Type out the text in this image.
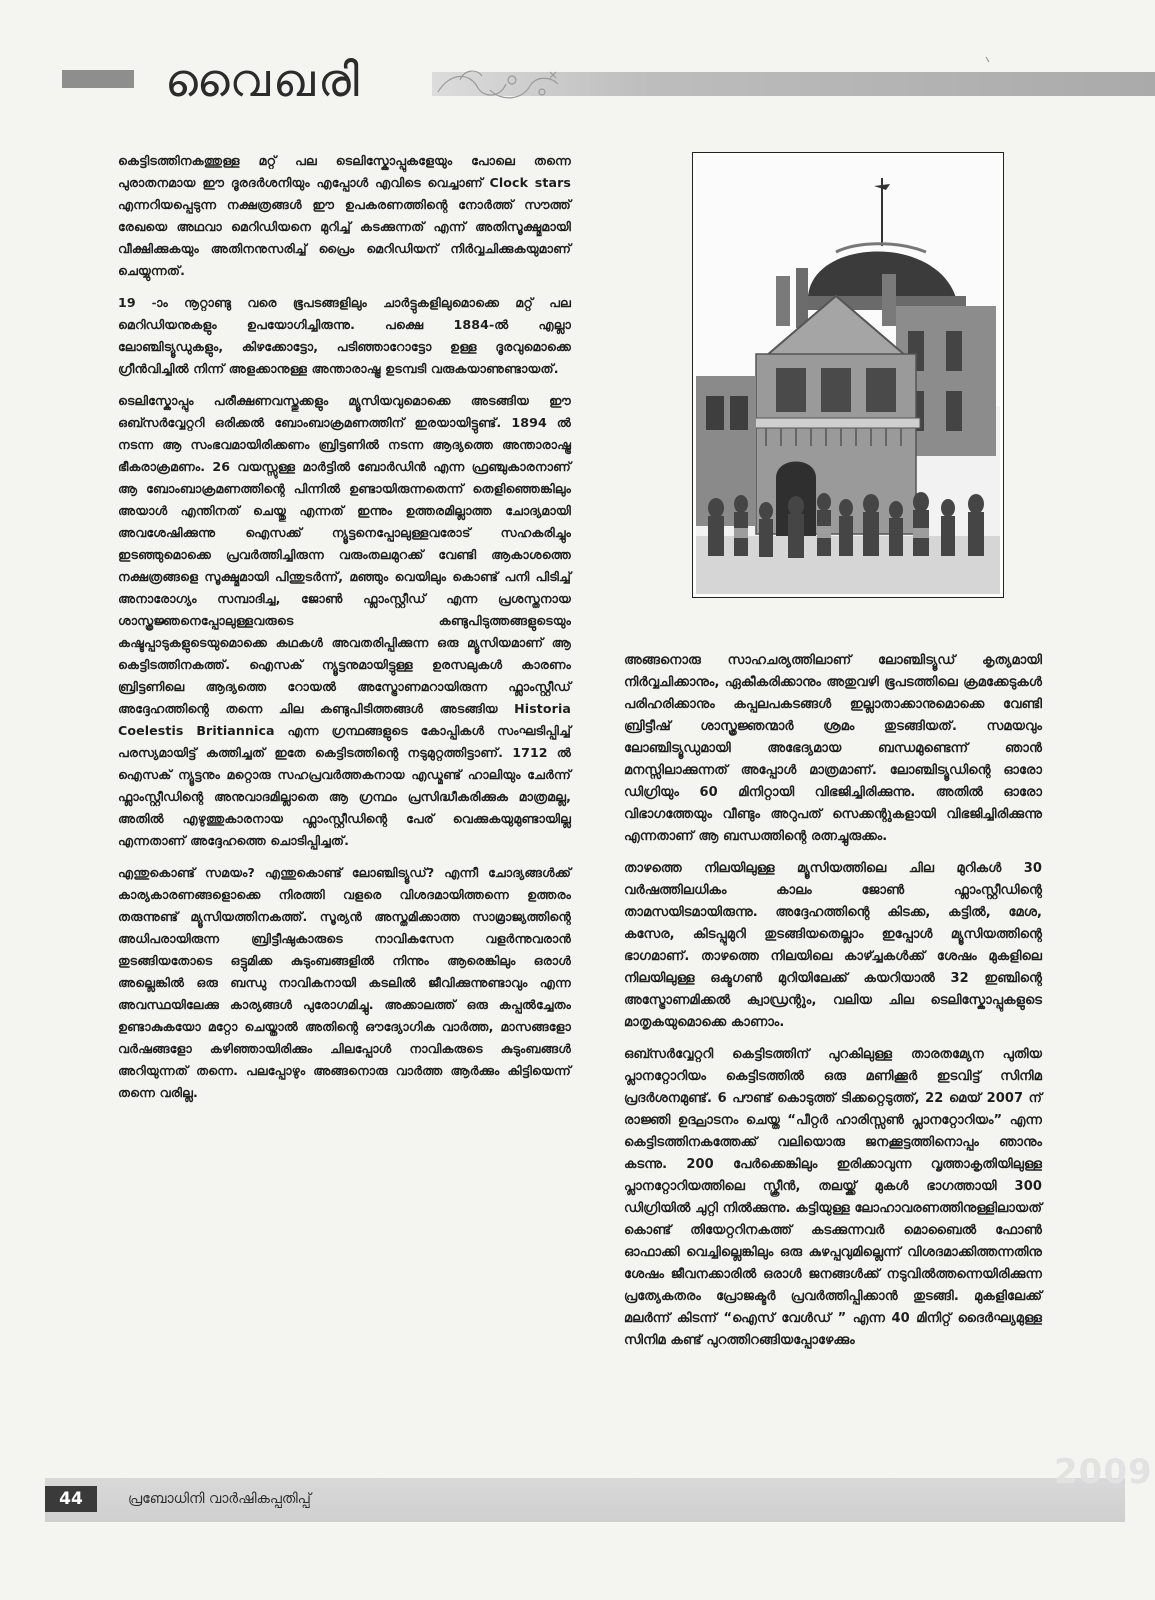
വൈഖരി

കെട്ടിടത്തിനകത്തുള്ള മറ്റ് പല ടെലിസ്കോപ്പുകളേയും പോലെ തന്നെ പുരാതനമായ ഈ ദൂരദർശനിയും എപ്പോൾ എവിടെ വെച്ചാണ് Clock stars എന്നറിയപ്പെടുന്ന നക്ഷത്രങ്ങൾ ഈ ഉപകരണത്തിന്റെ നോർത്ത് സൗത്ത് രേഖയെ അഥവാ മെറിഡിയനെ മുറിച്ച് കടക്കുന്നത് എന്ന് അതിസൂക്ഷ്മമായി വീക്ഷിക്കുകയും അതിനനുസരിച്ച് പ്രൈം മെറിഡിയന് നിർവ്വചിക്കുകയുമാണ് ചെയ്യുന്നത്.

19 -ാം നൂറ്റാണ്ടു വരെ ഭൂപടങ്ങളിലും ചാർട്ടുകളിലുമൊക്കെ മറ്റ് പല മെറിഡിയനുകളും ഉപയോഗിച്ചിരുന്നു. പക്ഷെ 1884-ൽ എല്ലാ ലോഞ്ചിട്യൂഡുകളും, കിഴക്കോട്ടോ, പടിഞ്ഞാറോട്ടോ ഉള്ള ദൂരവുമൊക്കെ ഗ്രീൻവിച്ചിൽ നിന്ന് അളക്കാനുള്ള അന്താരാഷ്ട്ര ഉടമ്പടി വരുകയാണുണ്ടായത്.

ടെലിസ്കോപ്പും പരീക്ഷണവസ്തുക്കളും മ്യൂസിയവുമൊക്കെ അടങ്ങിയ ഈ ഒബ്സർവ്വേറ്ററി ഒരിക്കൽ ബോംബാക്രമണത്തിന് ഇരയായിട്ടുണ്ട്. 1894 ൽ നടന്ന ആ സംഭവമായിരിക്കണം ബ്രിട്ടണിൽ നടന്ന ആദ്യത്തെ അന്താരാഷ്ട്ര ഭീകരാക്രമണം. 26 വയസ്സുള്ള മാർട്ടിൽ ബോർഡിൻ എന്ന ഫ്രഞ്ചുകാരനാണ് ആ ബോംബാക്രമണത്തിന്റെ പിന്നിൽ ഉണ്ടായിരുന്നതെന്ന് തെളിഞ്ഞെങ്കിലും അയാൾ എന്തിനത് ചെയ്തു എന്നത് ഇന്നും ഉത്തരമില്ലാത്ത ചോദ്യമായി അവശേഷിക്കുന്നു ഐസക്ക് ന്യൂട്ടനെപ്പോലുള്ളവരോട് സഹകരിച്ചും ഇടഞ്ഞുമൊക്കെ പ്രവർത്തിച്ചിരുന്ന വരുംതലമുറക്ക് വേണ്ടി ആകാശത്തെ നക്ഷത്രങ്ങളെ സൂക്ഷ്മമായി പിന്തുടർന്ന്, മഞ്ഞും വെയിലും കൊണ്ട് പനി പിടിച്ച് അനാരോഗ്യം സമ്പാദിച്ച, ജോൺ ഫ്ലാംസ്റ്റീഡ് എന്ന പ്രശസ്തനായ ശാസ്ത്രജ്ഞനെപ്പോലുള്ളവരുടെ കണ്ടുപിടുത്തങ്ങളുടെയും കഷ്ടപ്പാടുകളുടെയുമൊക്കെ കഥകൾ അവതരിപ്പിക്കുന്ന ഒരു മ്യൂസിയമാണ് ആ കെട്ടിടത്തിനകത്ത്. ഐസക് ന്യൂട്ടനുമായിട്ടുള്ള ഉരസലുകൾ കാരണം ബ്രിട്ടണിലെ ആദ്യത്തെ റോയൽ അസ്ട്രോണമറായിരുന്ന ഫ്ലാംസ്റ്റീഡ് അദ്ദേഹത്തിന്റെ തന്നെ ചില കണ്ടുപിടിത്തങ്ങൾ അടങ്ങിയ Historia Coelestis Britiannica എന്ന ഗ്രന്ഥങ്ങളുടെ കോപ്പികൾ സംഘടിപ്പിച്ച് പരസ്യമായിട്ട് കത്തിച്ചത് ഇതേ കെട്ടിടത്തിന്റെ നടുമുറ്റത്തിട്ടാണ്. 1712 ൽ ഐസക് ന്യൂട്ടനും മറ്റൊരു സഹപ്രവർത്തകനായ എഡ്മണ്ട് ഹാലിയും ചേർന്ന് ഫ്ലാംസ്റ്റീഡിന്റെ അനുവാദമില്ലാതെ ആ ഗ്രന്ഥം പ്രസിദ്ധീകരിക്കുക മാത്രമല്ല, അതിൽ എഴുത്തുകാരനായ ഫ്ലാംസ്റ്റീഡിന്റെ പേര് വെക്കുകയുമുണ്ടായില്ല എന്നതാണ് അദ്ദേഹത്തെ ചൊടിപ്പിച്ചത്.

എന്തുകൊണ്ട് സമയം? എന്തുകൊണ്ട് ലോഞ്ചിട്യൂഡ്? എന്നീ ചോദ്യങ്ങൾക്ക് കാര്യകാരണങ്ങളൊക്കെ നിരത്തി വളരെ വിശദമായിത്തന്നെ ഉത്തരം തരുന്നുണ്ട് മ്യൂസിയത്തിനകത്ത്. സൂര്യൻ അസ്തമിക്കാത്ത സാമ്രാജ്യത്തിന്റെ അധിപരായിരുന്ന ബ്രിട്ടീഷുകാരുടെ നാവികസേന വളർന്നുവരാൻ തുടങ്ങിയതോടെ ഒട്ടുമിക്ക കുടുംബങ്ങളിൽ നിന്നും ആരെങ്കിലും ഒരാൾ അല്ലെങ്കിൽ ഒരു ബന്ധു നാവികനായി കടലിൽ ജീവിക്കുന്നുണ്ടാവും എന്ന അവസ്ഥയിലേക്കു കാര്യങ്ങൾ പുരോഗമിച്ചു. അക്കാലത്ത് ഒരു കപ്പൽച്ചേതം ഉണ്ടാകുകയോ മറ്റോ ചെയ്താൽ അതിന്റെ ഔദ്യോഗിക വാർത്ത, മാസങ്ങളോ വർഷങ്ങളോ കഴിഞ്ഞായിരിക്കും ചിലപ്പോൾ നാവികരുടെ കുടുംബങ്ങൾ അറിയുന്നത് തന്നെ. പലപ്പോഴും അങ്ങനൊരു വാർത്ത ആർക്കും കിട്ടിയെന്ന് തന്നെ വരില്ല.

അങ്ങനൊരു സാഹചര്യത്തിലാണ് ലോഞ്ചിട്യൂഡ് കൃത്യമായി നിർവ്വചിക്കാനും, ഏകീകരിക്കാനും അതുവഴി ഭൂപടത്തിലെ ക്രമക്കേടുകൾ പരിഹരിക്കാനും കപ്പലപകടങ്ങൾ ഇല്ലാതാക്കാനുമൊക്കെ വേണ്ടി ബ്രിട്ടീഷ് ശാസ്ത്രജ്ഞന്മാർ ശ്രമം തുടങ്ങിയത്. സമയവും ലോഞ്ചിട്യൂഡുമായി അഭേദ്യമായ ബന്ധമുണ്ടെന്ന് ഞാൻ മനസ്സിലാക്കുന്നത് അപ്പോൾ മാത്രമാണ്. ലോഞ്ചിട്യൂഡിന്റെ ഓരോ ഡിഗ്രിയും 60 മിനിറ്റായി വിഭജിച്ചിരിക്കുന്നു. അതിൽ ഓരോ വിഭാഗത്തേയും വീണ്ടും അറുപത് സെക്കന്റുകളായി വിഭജിച്ചിരിക്കുന്നു എന്നതാണ് ആ ബന്ധത്തിന്റെ രത്നച്ചുരുക്കം.

താഴത്തെ നിലയിലുള്ള മ്യൂസിയത്തിലെ ചില മുറികൾ 30 വർഷത്തിലധികം കാലം ജോൺ ഫ്ലാംസ്റ്റീഡിന്റെ താമസയിടമായിരുന്നു. അദ്ദേഹത്തിന്റെ കിടക്ക, കട്ടിൽ, മേശ, കസേര, കിടപ്പുമുറി തുടങ്ങിയതെല്ലാം ഇപ്പോൾ മ്യൂസിയത്തിന്റെ ഭാഗമാണ്. താഴത്തെ നിലയിലെ കാഴ്ച്ചകൾക്ക് ശേഷം മുകളിലെ നിലയിലുള്ള ഒക്ടഗൺ മുറിയിലേക്ക് കയറിയാൽ 32 ഇഞ്ചിന്റെ അസ്ട്രോണമിക്കൽ ക്വാഡ്രന്റും, വലിയ ചില ടെലിസ്കോപ്പുകളുടെ മാതൃകയുമൊക്കെ കാണാം.

ഒബ്സർവ്വേറ്ററി കെട്ടിടത്തിന് പുറകിലുള്ള താരതമ്യേന പുതിയ പ്ലാനറ്റോറിയം കെട്ടിടത്തിൽ ഒരു മണിക്കൂർ ഇടവിട്ട് സിനിമ പ്രദർശനമുണ്ട്. 6 പൗണ്ട് കൊടുത്ത് ടിക്കറ്റെടുത്ത്, 22 മെയ് 2007 ന് രാജ്ഞി ഉദ്ഘാടനം ചെയ്ത “പീറ്റർ ഹാരിസ്സൺ പ്ലാനറ്റോറിയം” എന്ന കെട്ടിടത്തിനകത്തേക്ക് വലിയൊരു ജനക്കൂട്ടത്തിനൊപ്പം ഞാനും കടന്നു. 200 പേർക്കെങ്കിലും ഇരിക്കാവുന്ന വൃത്താകൃതിയിലുള്ള പ്ലാനറ്റോറിയത്തിലെ സ്ക്രീൻ, തലയ്ക്ക് മുകൾ ഭാഗത്തായി 300 ഡിഗ്രിയിൽ ചുറ്റി നിൽക്കുന്നു. കട്ടിയുള്ള ലോഹാവരണത്തിനുള്ളിലായത് കൊണ്ട് തിയേറ്ററിനകത്ത് കടക്കുന്നവർ മൊബൈൽ ഫോൺ ഓഫാക്കി വെച്ചില്ലെങ്കിലും ഒരു കുഴപ്പവുമില്ലെന്ന് വിശദമാക്കിത്തന്നതിനു ശേഷം ജീവനക്കാരിൽ ഒരാൾ ജനങ്ങൾക്ക് നടുവിൽത്തന്നെയിരിക്കുന്ന പ്രത്യേകതരം പ്രോജക്ടർ പ്രവർത്തിപ്പിക്കാൻ തുടങ്ങി. മുകളിലേക്ക് മലർന്ന് കിടന്ന് “ഐസ് വേൾഡ് ” എന്ന 40 മിനിറ്റ് ദൈർഘ്യമുള്ള സിനിമ കണ്ട് പുറത്തിറങ്ങിയപ്പോഴേക്കും

2009
44	പ്രബോധിനി വാർഷികപ്പതിപ്പ്
